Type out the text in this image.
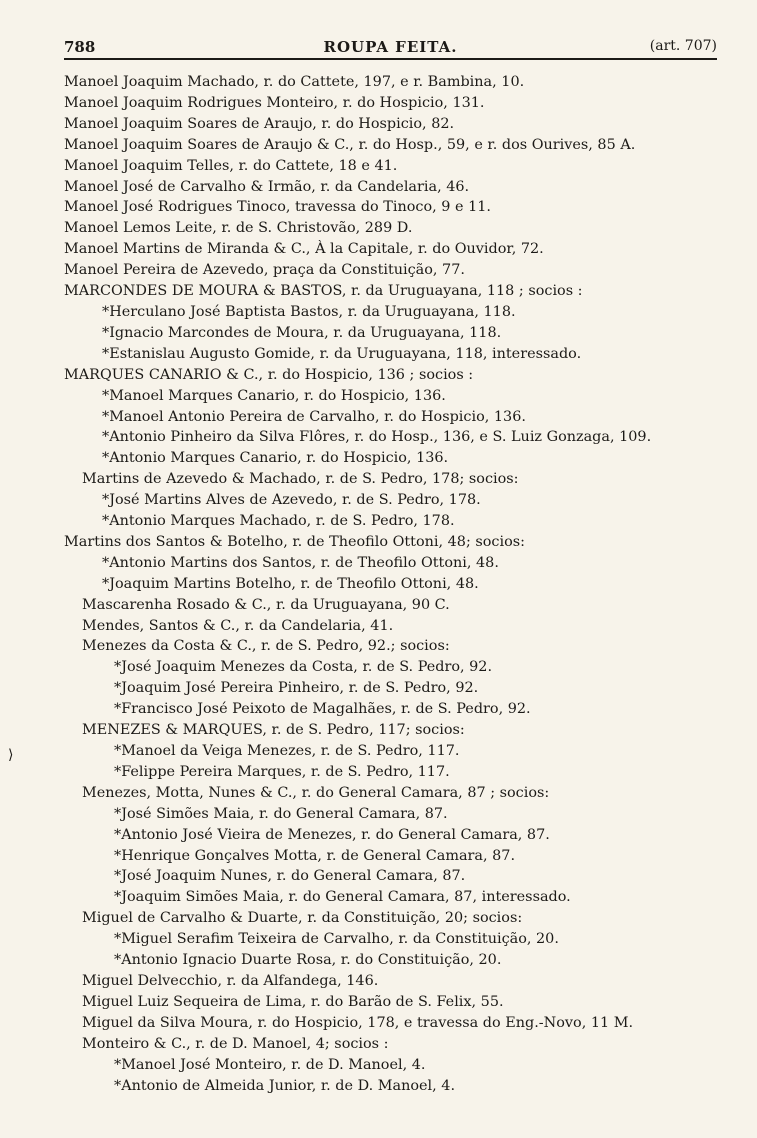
788	ROUPA FEITA.	(art. 707)
Manoel Joaquim Machado, r. do Cattete, 197, e r. Bambina, 10.
Manoel Joaquim Rodrigues Monteiro, r. do Hospicio, 131.
Manoel Joaquim Soares de Araujo, r. do Hospicio, 82.
Manoel Joaquim Soares de Araujo & C., r. do Hosp., 59, e r. dos Ourives, 85 A.
Manoel Joaquim Telles, r. do Cattete, 18 e 41.
Manoel José de Carvalho & Irmão, r. da Candelaria, 46.
Manoel José Rodrigues Tinoco, travessa do Tinoco, 9 e 11.
Manoel Lemos Leite, r. de S. Christovão, 289 D.
Manoel Martins de Miranda & C., À la Capitale, r. do Ouvidor, 72.
Manoel Pereira de Azevedo, praça da Constituição, 77.
MARCONDES DE MOURA & BASTOS, r. da Uruguayana, 118 ; socios :
*Herculano José Baptista Bastos, r. da Uruguayana, 118.
*Ignacio Marcondes de Moura, r. da Uruguayana, 118.
*Estanislau Augusto Gomide, r. da Uruguayana, 118, interessado.
MARQUES CANARIO & C., r. do Hospicio, 136 ; socios :
*Manoel Marques Canario, r. do Hospicio, 136.
*Manoel Antonio Pereira de Carvalho, r. do Hospicio, 136.
*Antonio Pinheiro da Silva Flôres, r. do Hosp., 136, e S. Luiz Gonzaga, 109.
*Antonio Marques Canario, r. do Hospicio, 136.
Martins de Azevedo & Machado, r. de S. Pedro, 178; socios:
*José Martins Alves de Azevedo, r. de S. Pedro, 178.
*Antonio Marques Machado, r. de S. Pedro, 178.
Martins dos Santos & Botelho, r. de Theofilo Ottoni, 48; socios:
*Antonio Martins dos Santos, r. de Theofilo Ottoni, 48.
*Joaquim Martins Botelho, r. de Theofilo Ottoni, 48.
Mascarenha Rosado & C., r. da Uruguayana, 90 C.
Mendes, Santos & C., r. da Candelaria, 41.
Menezes da Costa & C., r. de S. Pedro, 92.; socios:
*José Joaquim Menezes da Costa, r. de S. Pedro, 92.
*Joaquim José Pereira Pinheiro, r. de S. Pedro, 92.
*Francisco José Peixoto de Magalhães, r. de S. Pedro, 92.
MENEZES & MARQUES, r. de S. Pedro, 117; socios:
*Manoel da Veiga Menezes, r. de S. Pedro, 117.
*Felippe Pereira Marques, r. de S. Pedro, 117.
Menezes, Motta, Nunes & C., r. do General Camara, 87 ; socios:
*José Simões Maia, r. do General Camara, 87.
*Antonio José Vieira de Menezes, r. do General Camara, 87.
*Henrique Gonçalves Motta, r. de General Camara, 87.
*José Joaquim Nunes, r. do General Camara, 87.
*Joaquim Simões Maia, r. do General Camara, 87, interessado.
Miguel de Carvalho & Duarte, r. da Constituição, 20; socios:
*Miguel Serafim Teixeira de Carvalho, r. da Constituição, 20.
*Antonio Ignacio Duarte Rosa, r. do Constituição, 20.
Miguel Delvecchio, r. da Alfandega, 146.
Miguel Luiz Sequeira de Lima, r. do Barão de S. Felix, 55.
Miguel da Silva Moura, r. do Hospicio, 178, e travessa do Eng.-Novo, 11 M.
Monteiro & C., r. de D. Manoel, 4; socios :
*Manoel José Monteiro, r. de D. Manoel, 4.
*Antonio de Almeida Junior, r. de D. Manoel, 4.
⟩
